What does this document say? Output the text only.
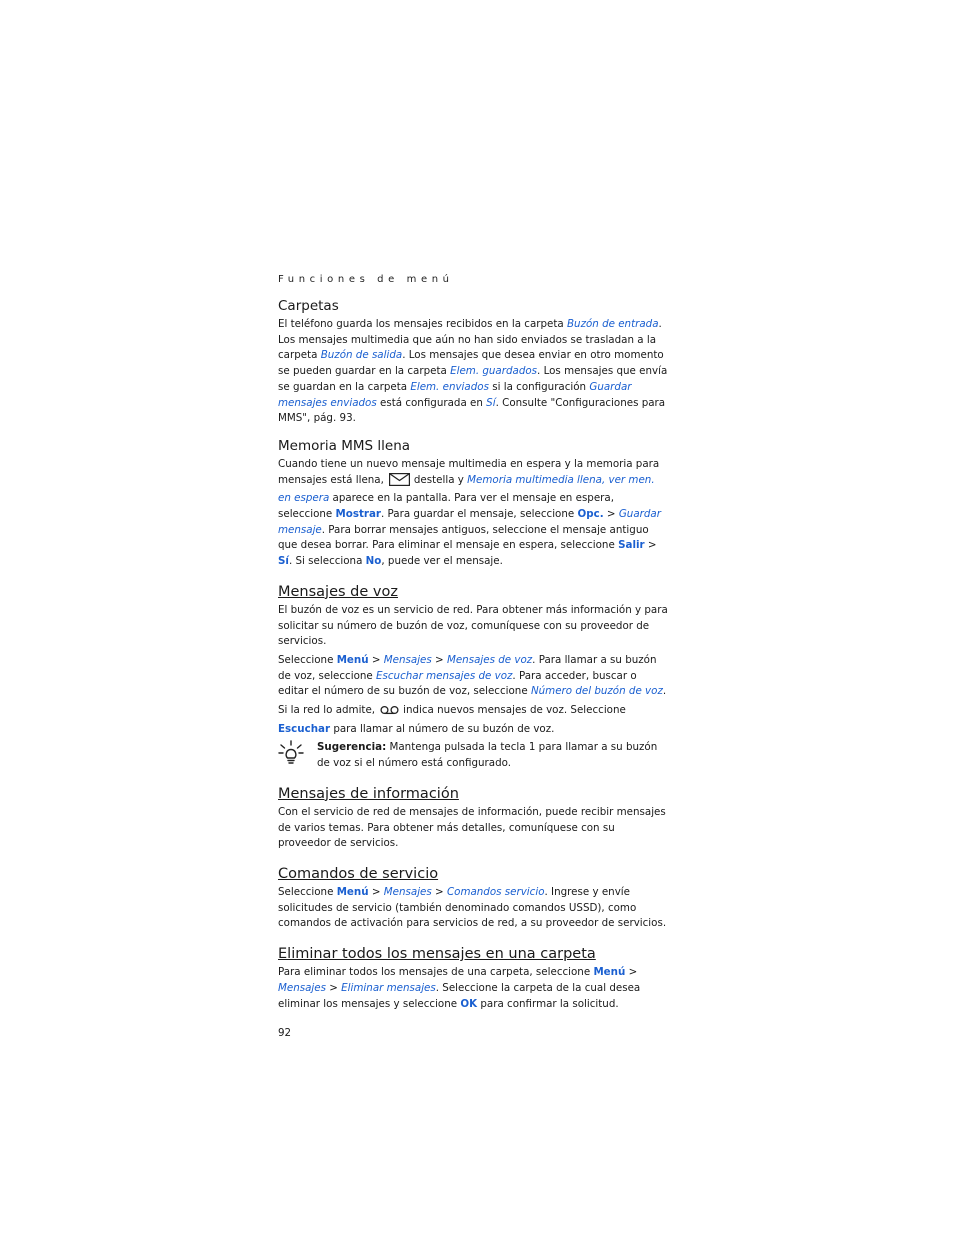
Funciones de menú
Carpetas

El teléfono guarda los mensajes recibidos en la carpeta Buzón de entrada. Los mensajes multimedia que aún no han sido enviados se trasladan a la carpeta Buzón de salida. Los mensajes que desea enviar en otro momento se pueden guardar en la carpeta Elem. guardados. Los mensajes que envía se guardan en la carpeta Elem. enviados si la configuración Guardar mensajes enviados está configurada en Sí. Consulte "Configuraciones para MMS", pág. 93.

Memoria MMS llena

Cuando tiene un nuevo mensaje multimedia en espera y la memoria para mensajes está llena,	destella y Memoria multimedia llena, ver men. en espera aparece en la pantalla. Para ver el mensaje en espera, seleccione Mostrar. Para guardar el mensaje, seleccione Opc. > Guardar mensaje. Para borrar mensajes antiguos, seleccione el mensaje antiguo que desea borrar. Para eliminar el mensaje en espera, seleccione Salir > Sí. Si selecciona No, puede ver el mensaje.

Mensajes de voz

El buzón de voz es un servicio de red. Para obtener más información y para solicitar su número de buzón de voz, comuníquese con su proveedor de servicios.

Seleccione Menú > Mensajes > Mensajes de voz. Para llamar a su buzón de voz, seleccione Escuchar mensajes de voz. Para acceder, buscar o editar el número de su buzón de voz, seleccione Número del buzón de voz.

Si la red lo admite,	indica nuevos mensajes de voz. Seleccione Escuchar para llamar al número de su buzón de voz.

Sugerencia: Mantenga pulsada la tecla 1 para llamar a su buzón de voz si el número está configurado.

Mensajes de información

Con el servicio de red de mensajes de información, puede recibir mensajes de varios temas. Para obtener más detalles, comuníquese con su proveedor de servicios.

Comandos de servicio

Seleccione Menú > Mensajes > Comandos servicio. Ingrese y envíe solicitudes de servicio (también denominado comandos USSD), como comandos de activación para servicios de red, a su proveedor de servicios.

Eliminar todos los mensajes en una carpeta

Para eliminar todos los mensajes de una carpeta, seleccione Menú > Mensajes > Eliminar mensajes. Seleccione la carpeta de la cual desea eliminar los mensajes y seleccione OK para confirmar la solicitud.

92
